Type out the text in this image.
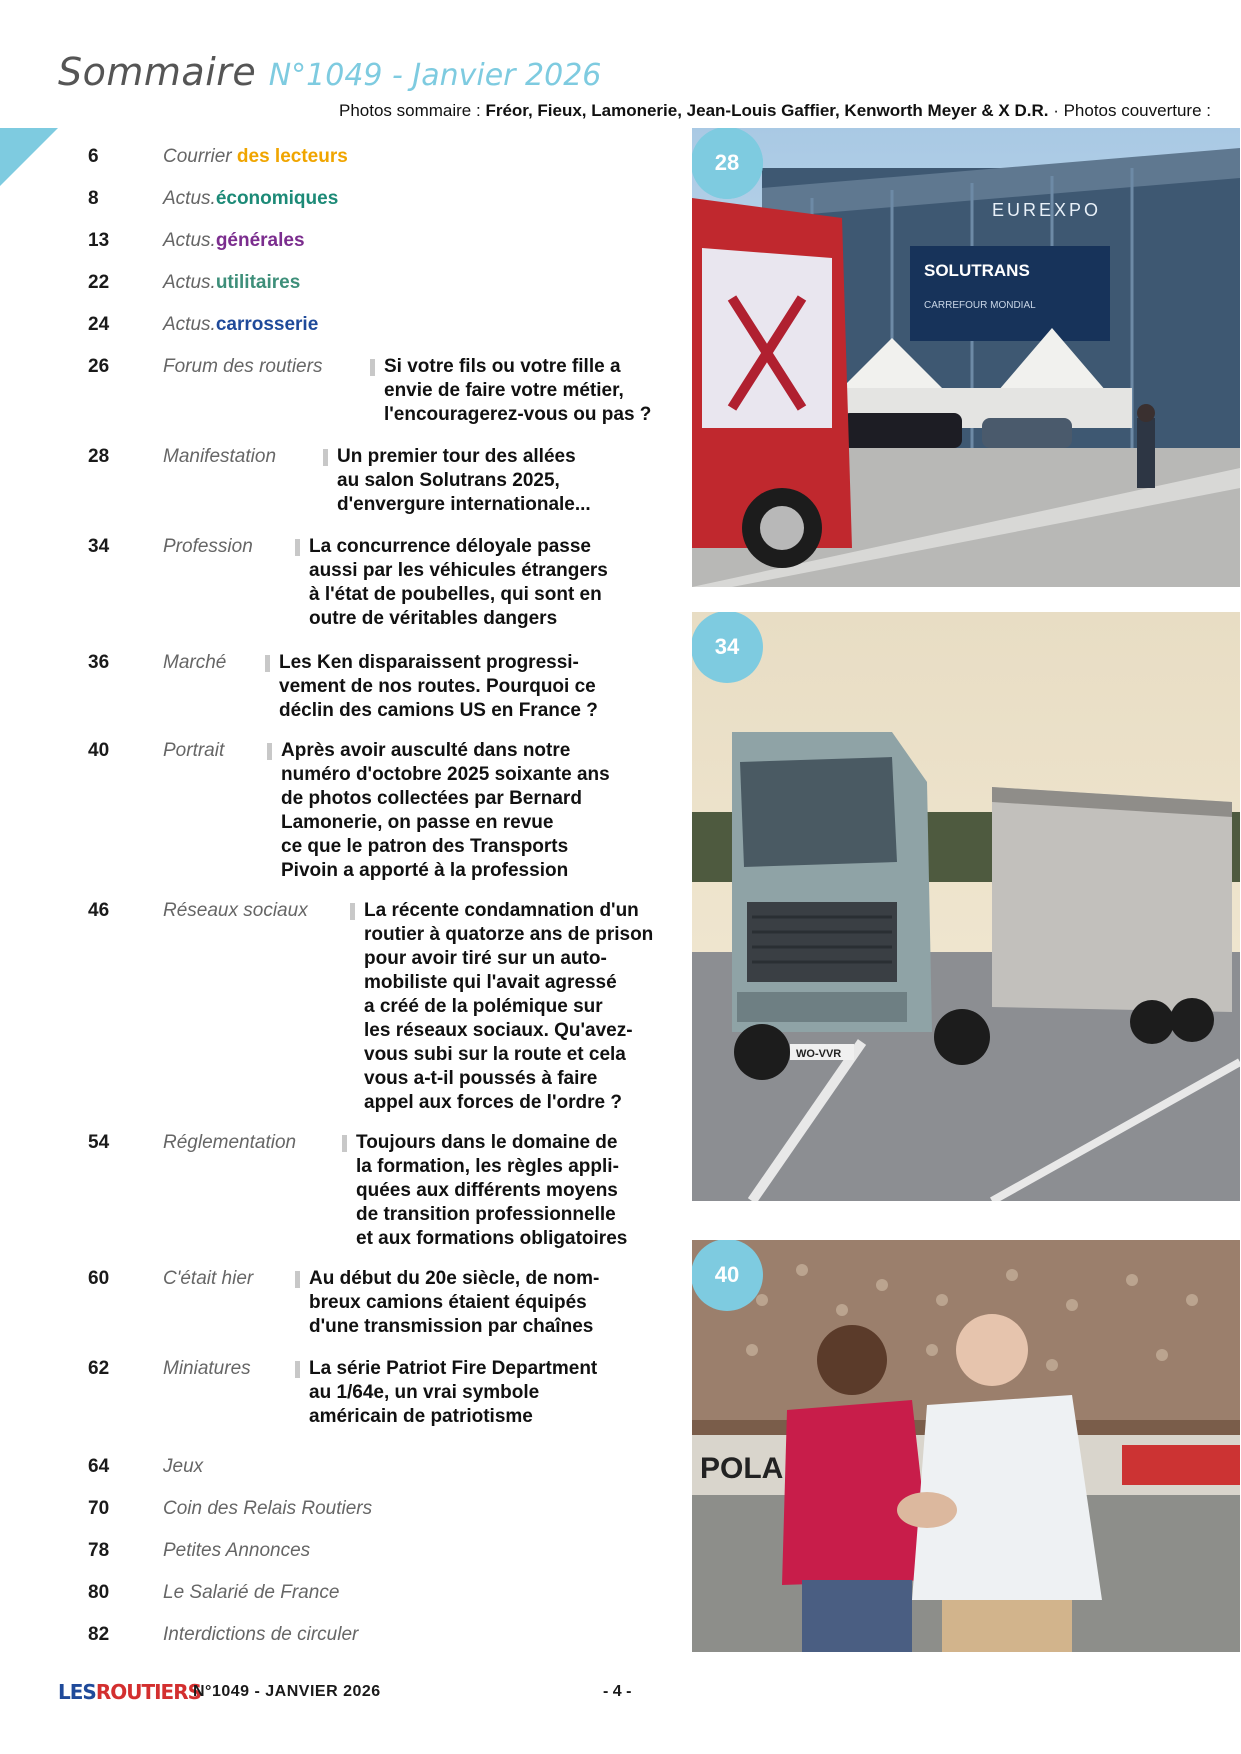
Sommaire N°1049 - Janvier 2026
Photos sommaire : Fréor, Fieux, Lamonerie, Jean-Louis Gaffier, Kenworth Meyer & X D.R. · Photos couverture :
6	Courrier des lecteurs
8	Actus.économiques
13	Actus.générales
22	Actus.utilitaires
24	Actus.carrosserie
26	Forum des routiers	Si votre fils ou votre fille a
envie de faire votre métier,
l'encouragerez-vous ou pas ?
28	Manifestation	Un premier tour des allées
au salon Solutrans 2025,
d'envergure internationale...
34	Profession	La concurrence déloyale passe
aussi par les véhicules étrangers
à l'état de poubelles, qui sont en
outre de véritables dangers
36	Marché	Les Ken disparaissent progressi-
vement de nos routes. Pourquoi ce
déclin des camions US en France ?
40	Portrait	Après avoir ausculté dans notre
numéro d'octobre 2025 soixante ans
de photos collectées par Bernard
Lamonerie, on passe en revue
ce que le patron des Transports
Pivoin a apporté à la profession
46	Réseaux sociaux	La récente condamnation d'un
routier à quatorze ans de prison
pour avoir tiré sur un auto-
mobiliste qui l'avait agressé
a créé de la polémique sur
les réseaux sociaux. Qu'avez-
vous subi sur la route et cela
vous a-t-il poussés à faire
appel aux forces de l'ordre ?
54	Réglementation	Toujours dans le domaine de
la formation, les règles appli-
quées aux différents moyens
de transition professionnelle
et aux formations obligatoires
60	C'était hier	Au début du 20e siècle, de nom-
breux camions étaient équipés
d'une transmission par chaînes
62	Miniatures	La série Patriot Fire Department
au 1/64e, un vrai symbole
américain de patriotisme
64	Jeux
70	Coin des Relais Routiers
78	Petites Annonces
80	Le Salarié de France
82	Interdictions de circuler
EUREXPO
SOLUTRANS
CARREFOUR MONDIAL
28
WO-VVR
34
POLA
40
LESROUTIERS
N°1049 - JANVIER 2026	- 4 -
